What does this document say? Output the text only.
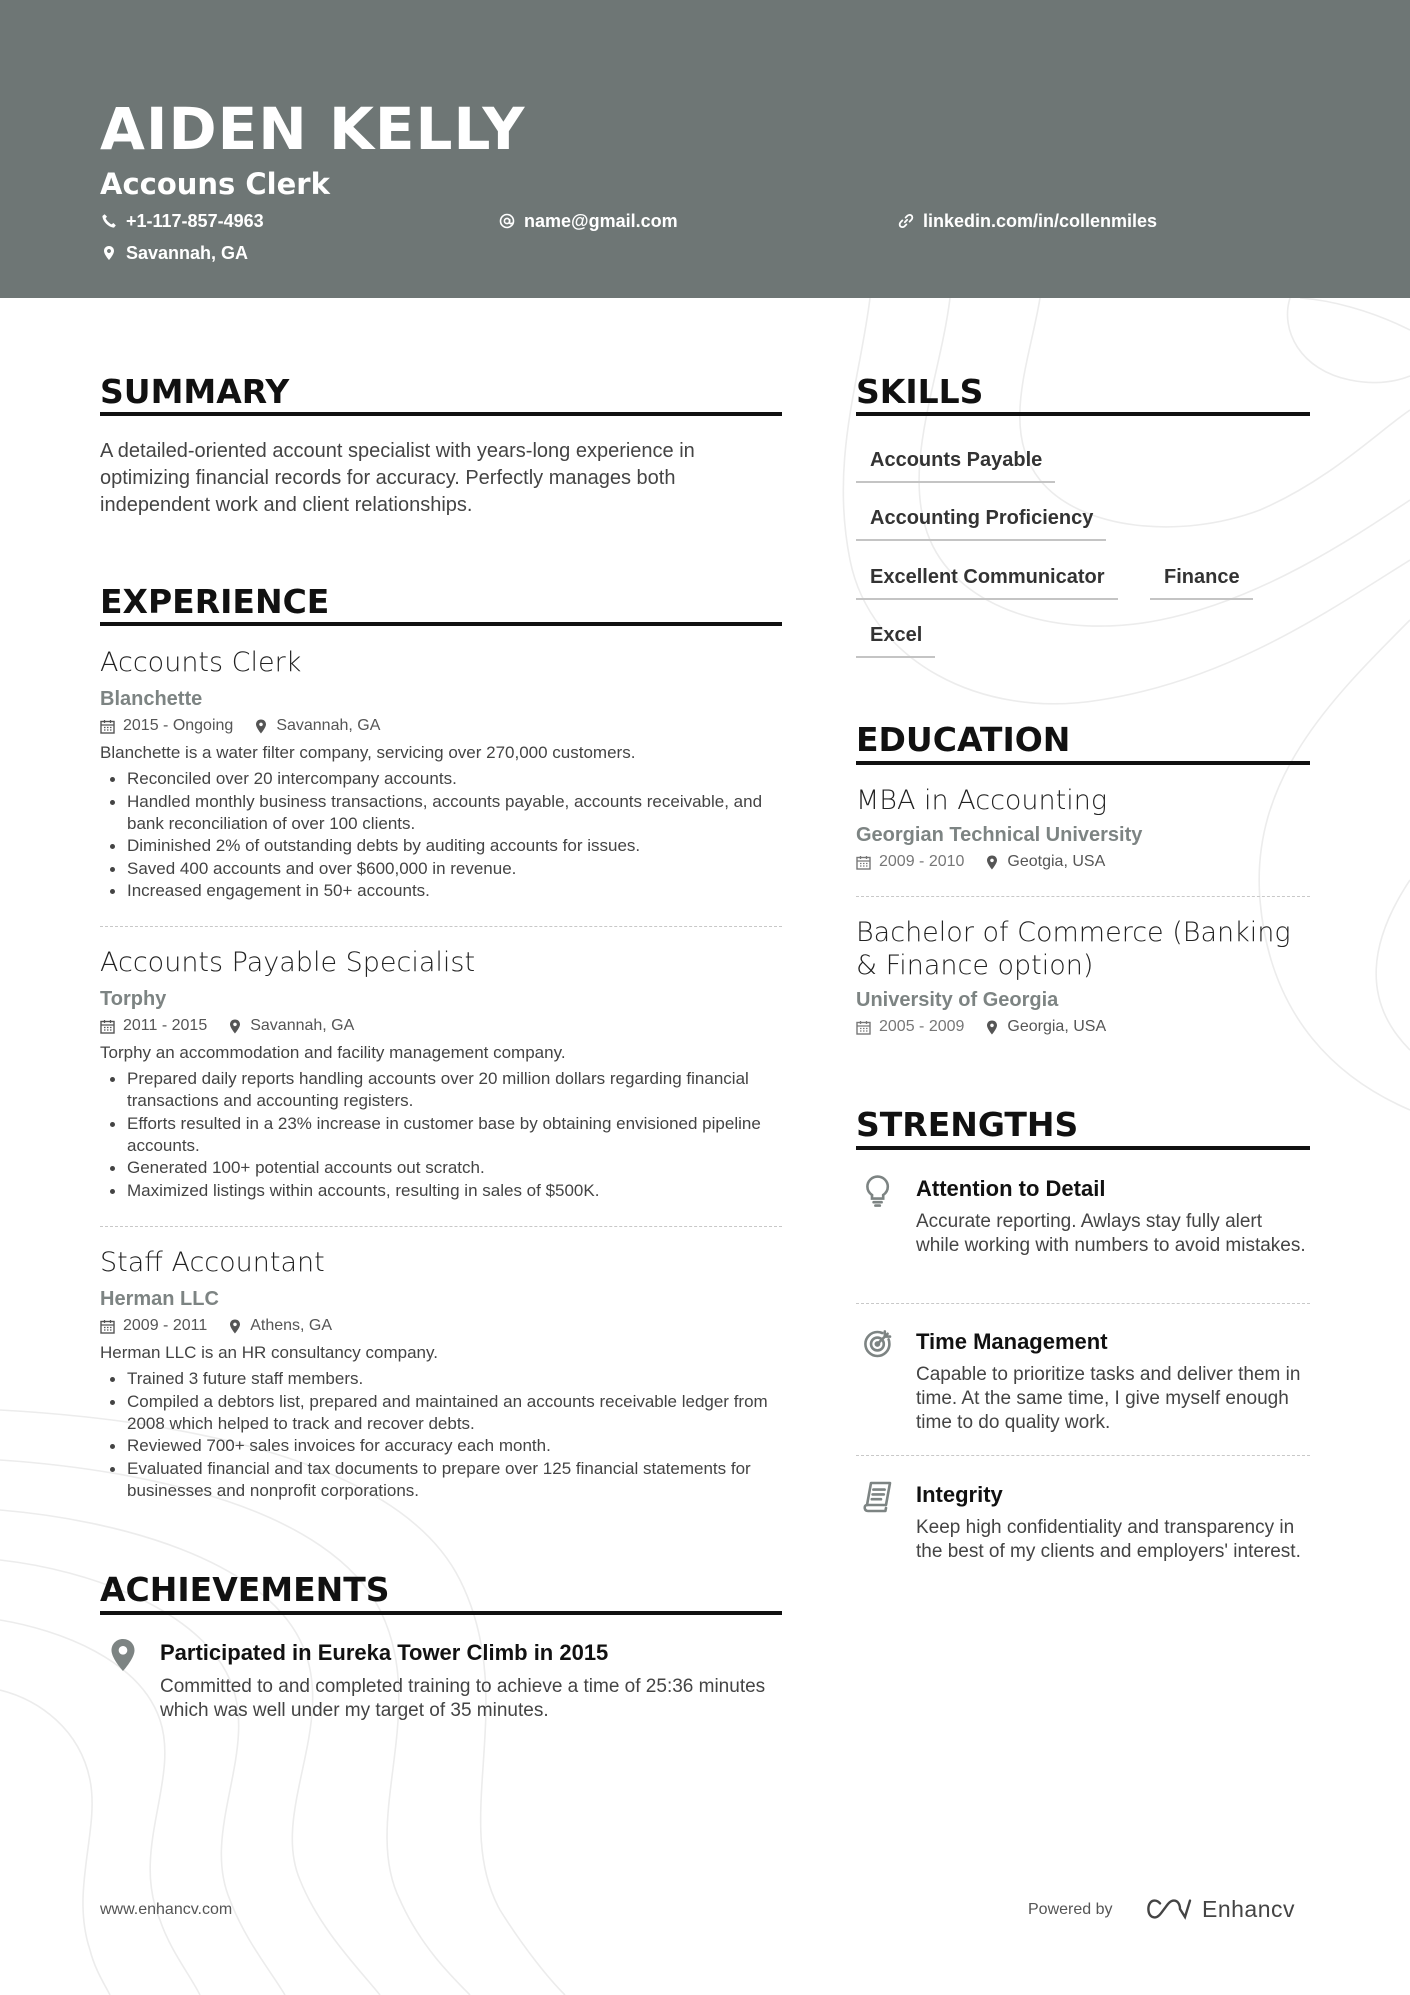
AIDEN KELLY
Accouns Clerk
+1-117-857-4963	name@gmail.com	linkedin.com/in/collenmiles
Savannah, GA
SUMMARY
A detailed-oriented account specialist with years-long experience in optimizing financial records for accuracy. Perfectly manages both independent work and client relationships.
EXPERIENCE
Accounts Clerk
Blanchette
2015 - Ongoing	Savannah, GA
Blanchette is a water filter company, servicing over 270,000 customers.
Reconciled over 20 intercompany accounts.
Handled monthly business transactions, accounts payable, accounts receivable, and bank reconciliation of over 100 clients.
Diminished 2% of outstanding debts by auditing accounts for issues.
Saved 400 accounts and over $600,000 in revenue.
Increased engagement in 50+ accounts.
Accounts Payable Specialist
Torphy
2011 - 2015	Savannah, GA
Torphy an accommodation and facility management company.
Prepared daily reports handling accounts over 20 million dollars regarding financial transactions and accounting registers.
Efforts resulted in a 23% increase in customer base by obtaining envisioned pipeline accounts.
Generated 100+ potential accounts out scratch.
Maximized listings within accounts, resulting in sales of $500K.
Staff Accountant
Herman LLC
2009 - 2011	Athens, GA
Herman LLC is an HR consultancy company.
Trained 3 future staff members.
Compiled a debtors list, prepared and maintained an accounts receivable ledger from 2008 which helped to track and recover debts.
Reviewed 700+ sales invoices for accuracy each month.
Evaluated financial and tax documents to prepare over 125 financial statements for businesses and nonprofit corporations.
ACHIEVEMENTS
Participated in Eureka Tower Climb in 2015
Committed to and completed training to achieve a time of 25:36 minutes which was well under my target of 35 minutes.
SKILLS
Accounts Payable
Accounting Proficiency
Excellent Communicator	Finance
Excel
EDUCATION
MBA in Accounting
Georgian Technical University
2009 - 2010	Geotgia, USA
Bachelor of Commerce (Banking & Finance option)
University of Georgia
2005 - 2009	Georgia, USA
STRENGTHS
Attention to Detail
Accurate reporting. Awlays stay fully alert while working with numbers to avoid mistakes.
Time Management
Capable to prioritize tasks and deliver them in time. At the same time, I give myself enough time to do quality work.
Integrity
Keep high confidentiality and transparency in the best of my clients and employers' interest.
www.enhancv.com	Powered by	Enhancv
